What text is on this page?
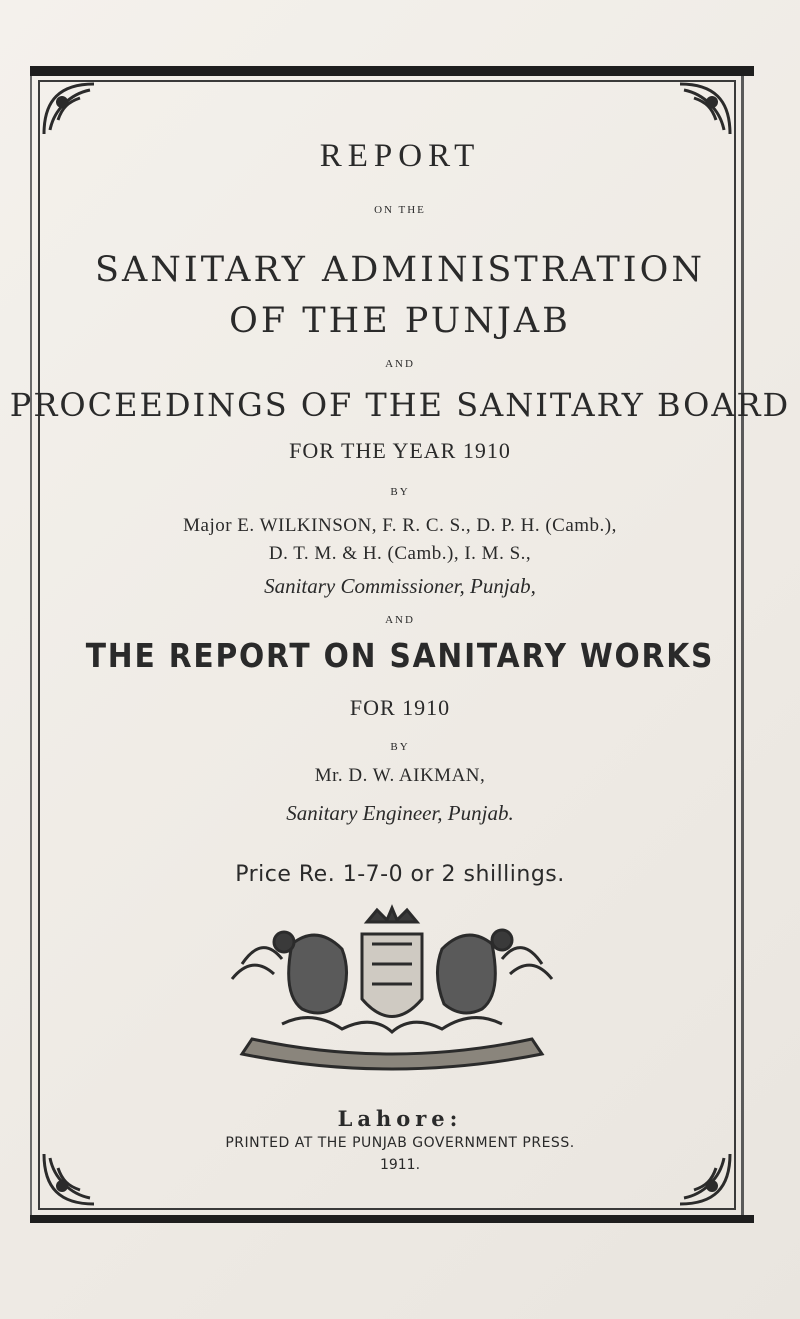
REPORT
ON THE
SANITARY ADMINISTRATION
OF THE PUNJAB
AND
PROCEEDINGS OF THE SANITARY BOARD
FOR THE YEAR 1910
BY
Major E. WILKINSON, F. R. C. S., D. P. H. (Camb.),
D. T. M. & H. (Camb.), I. M. S.,
Sanitary Commissioner, Punjab,
AND
THE REPORT ON SANITARY WORKS
FOR 1910
BY
Mr. D. W. AIKMAN,
Sanitary Engineer, Punjab.
Price Re. 1-7-0 or 2 shillings.
Lahore:
PRINTED AT THE PUNJAB GOVERNMENT PRESS.
1911.
